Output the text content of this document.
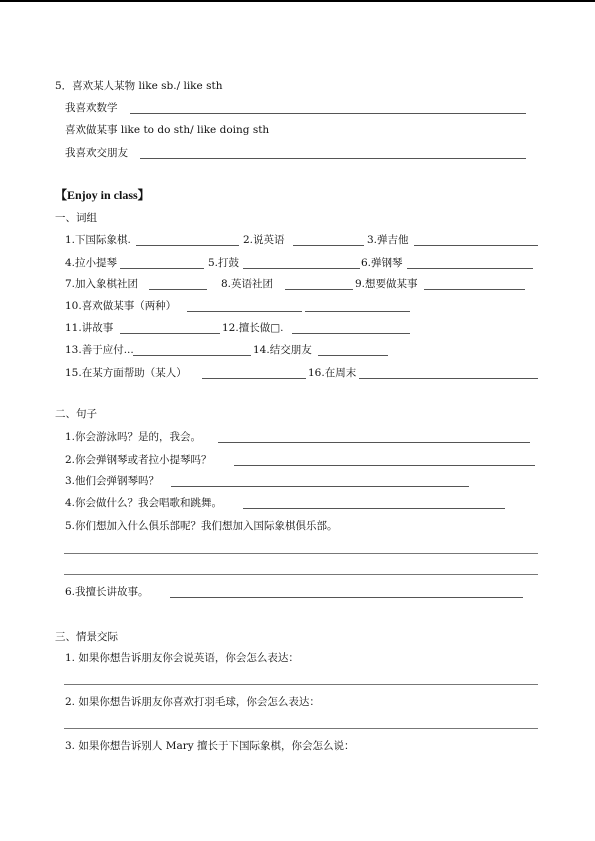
5．喜欢某人某物 like sb./ like sth
我喜欢数学
喜欢做某事 like to do sth/ like doing sth
我喜欢交朋友
【Enjoy in class】
一、词组
1.下国际象棋.	2.说英语	3.弹吉他
4.拉小提琴	5.打鼓	6.弹钢琴
7.加入象棋社团	8.英语社团	9.想要做某事
10.喜欢做某事（两种）
11.讲故事	12.擅长做□.
13.善于应付...	14.结交朋友
15.在某方面帮助（某人）	16.在周末
二、句子
1.你会游泳吗？是的，我会。
2.你会弹钢琴或者拉小提琴吗？
3.他们会弹钢琴吗？
4.你会做什么？我会唱歌和跳舞。
5.你们想加入什么俱乐部呢？我们想加入国际象棋俱乐部。
6.我擅长讲故事。
三、情景交际
1. 如果你想告诉朋友你会说英语，你会怎么表达：
2. 如果你想告诉朋友你喜欢打羽毛球，你会怎么表达：
3. 如果你想告诉别人 Mary 擅长于下国际象棋，你会怎么说：
